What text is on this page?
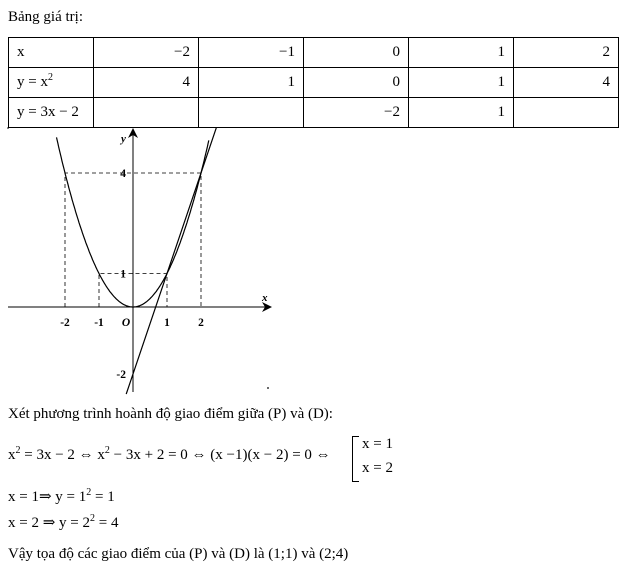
Bảng giá trị:
x	−2	−1	0	1	2
$y = x^2$	4	1	0	1	4
y = 3x − 2			−2	1	
-2 -1 O	1 2
4
1
-2
x
y
Xét phương trình hoành độ giao điểm giữa (P) và (D):
$x^2 = 3x - 2$ ⇔ $x^2 - 3x + 2 = 0$ ⇔ (x −1)(x − 2) = 0 ⇔
x = 1
x = 2
x = 1⇒ $y = 1^2 = 1$
x = 2 ⇒ $y = 2^2 = 4$
Vậy tọa độ các giao điểm của (P) và (D) là (1;1) và (2;4)
